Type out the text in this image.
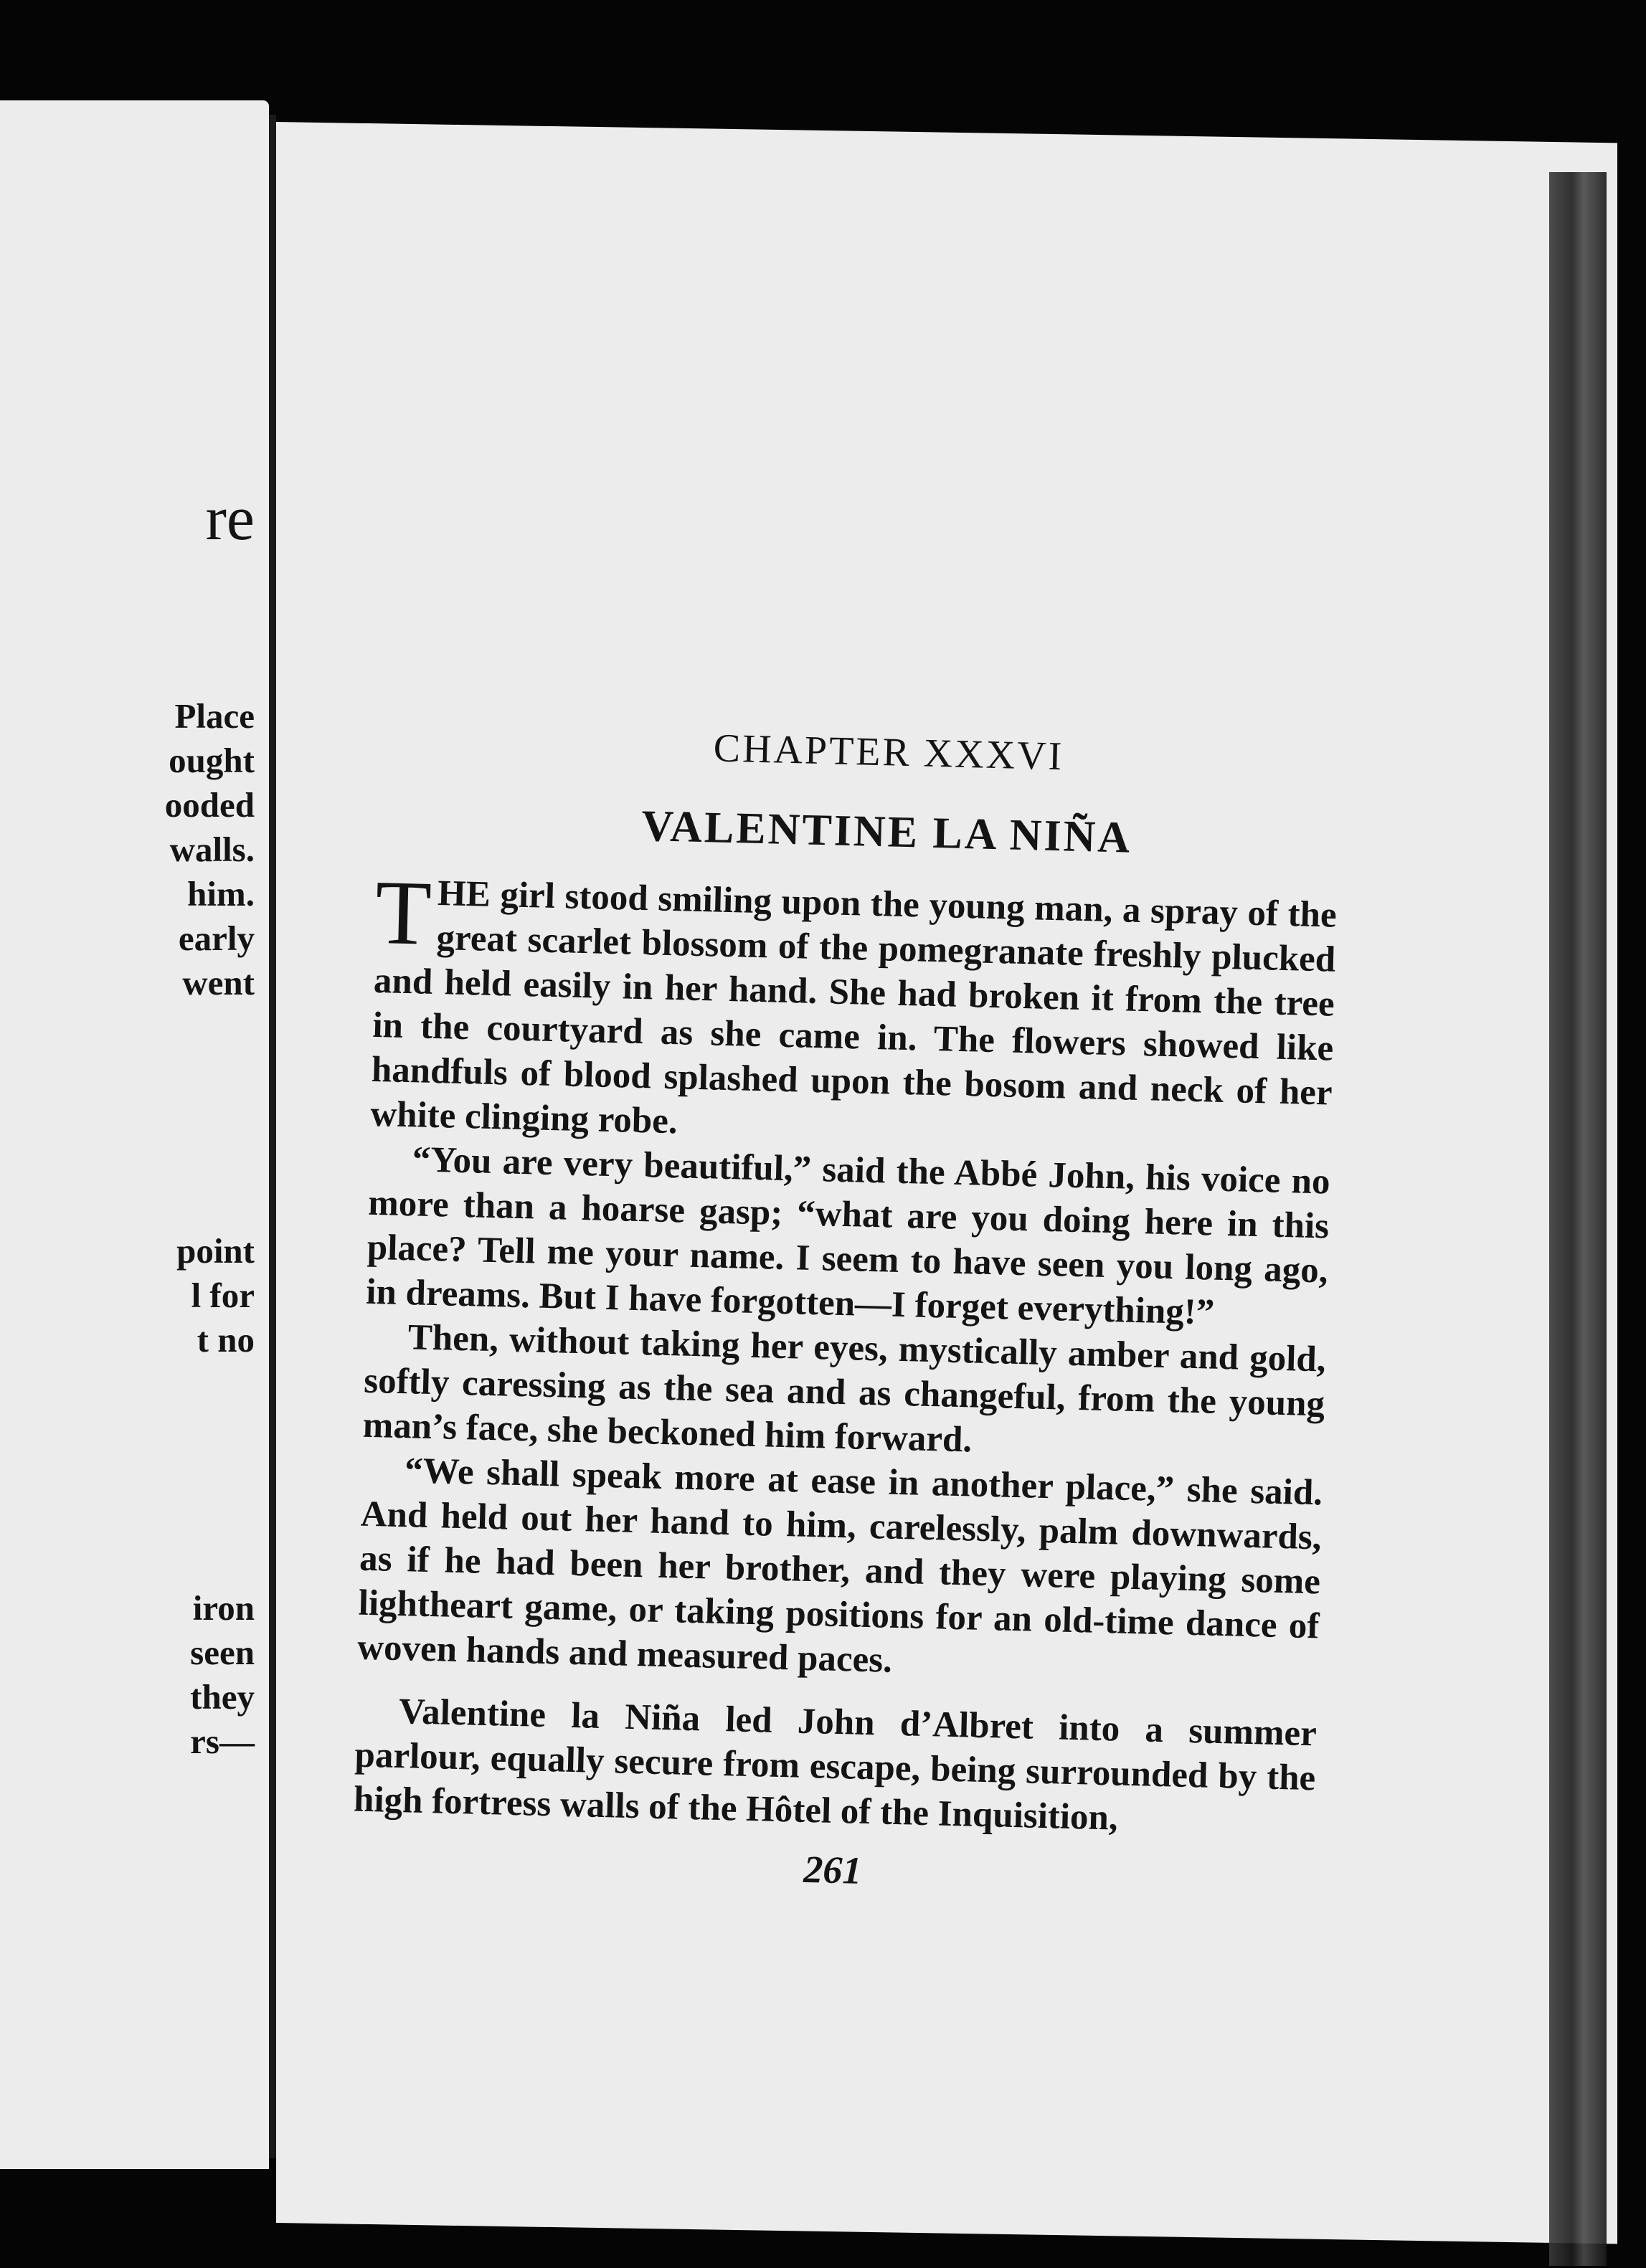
re

Place
ought
ooded
walls.
him.
early
went

point
l for
t no

iron
seen
they
rs—

CHAPTER XXXVI
VALENTINE LA NIÑA

THE girl stood smiling upon the young man, a spray of the great scarlet blossom of the pomegranate freshly plucked and held easily in her hand. She had broken it from the tree in the courtyard as she came in. The flowers showed like handfuls of blood splashed upon the bosom and neck of her white clinging robe.

“You are very beautiful,” said the Abbé John, his voice no more than a hoarse gasp; “what are you doing here in this place? Tell me your name. I seem to have seen you long ago, in dreams. But I have forgotten—I forget everything!”

Then, without taking her eyes, mystically amber and gold, softly caressing as the sea and as changeful, from the young man’s face, she beckoned him forward.

“We shall speak more at ease in another place,” she said. And held out her hand to him, carelessly, palm downwards, as if he had been her brother, and they were playing some lightheart game, or taking positions for an old-time dance of woven hands and measured paces.

Valentine la Niña led John d’Albret into a summer parlour, equally secure from escape, being surrounded by the high fortress walls of the Hôtel of the Inquisition,

261
